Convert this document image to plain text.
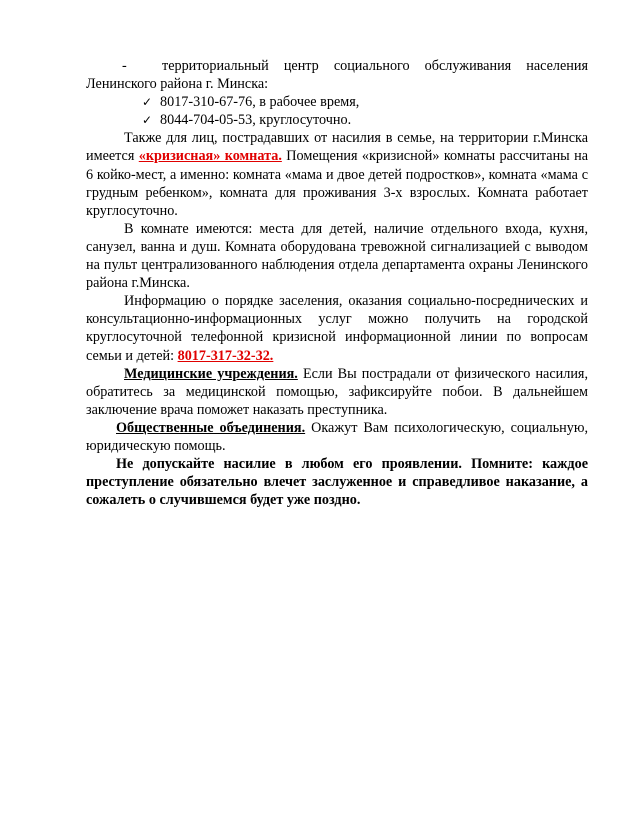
- территориальный центр социального обслуживания населения Ленинского района г. Минска:

✓ 8017-310-67-76, в рабочее время,

✓ 8044-704-05-53, круглосуточно.

Также для лиц, пострадавших от насилия в семье, на территории г.Минска имеется «кризисная» комната. Помещения «кризисной» комнаты рассчитаны на 6 койко-мест, а именно: комната «мама и двое детей подростков», комната «мама с грудным ребенком», комната для проживания 3-х взрослых. Комната работает круглосуточно.

В комнате имеются: места для детей, наличие отдельного входа, кухня, санузел, ванна и душ. Комната оборудована тревожной сигнализацией с выводом на пульт централизованного наблюдения отдела департамента охраны Ленинского района г.Минска.

Информацию о порядке заселения, оказания социально-посреднических и консультационно-информационных услуг можно получить на городской круглосуточной телефонной кризисной информационной линии по вопросам семьи и детей: 8017-317-32-32.

Медицинские учреждения. Если Вы пострадали от физического насилия, обратитесь за медицинской помощью, зафиксируйте побои. В дальнейшем заключение врача поможет наказать преступника.

Общественные объединения. Окажут Вам психологическую, социальную, юридическую помощь.

Не допускайте насилие в любом его проявлении. Помните: каждое преступление обязательно влечет заслуженное и справедливое наказание, а сожалеть о случившемся будет уже поздно.
